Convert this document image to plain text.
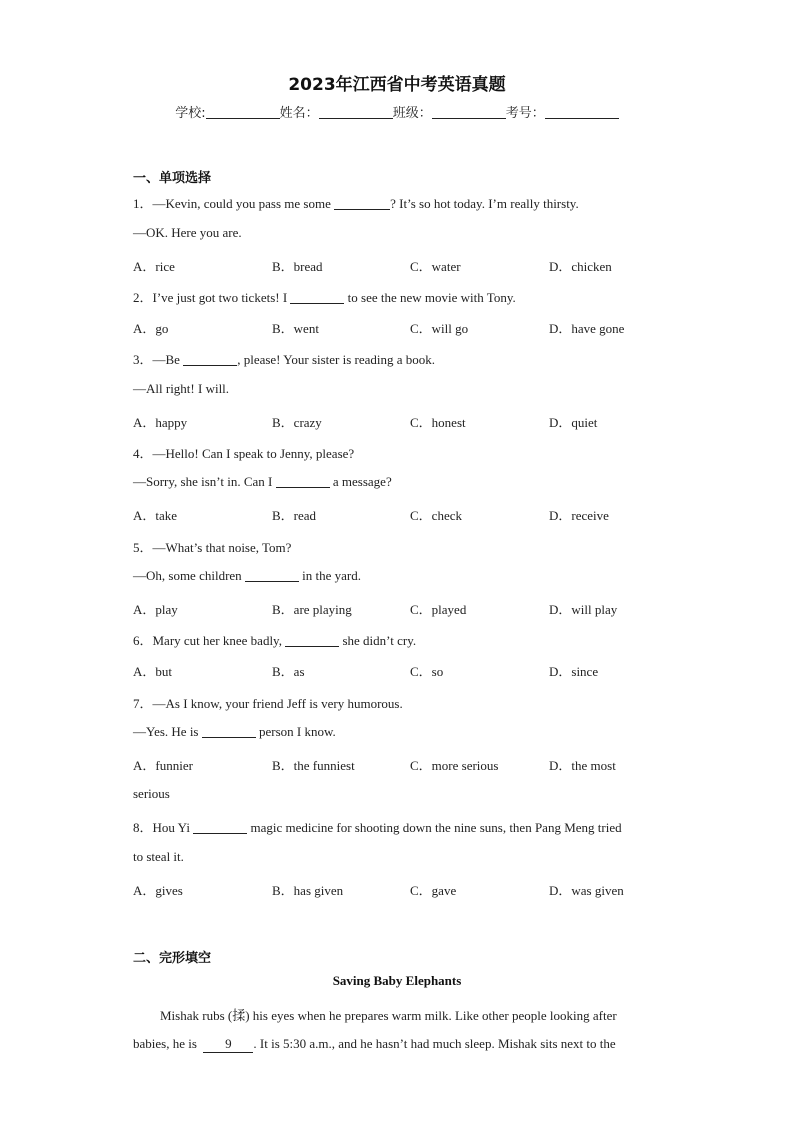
2023年江西省中考英语真题
学校:	姓名：	班级：	考号：
一、单项选择
1．—Kevin, could you pass me some	? It’s so hot today. I’m really thirsty.
—OK. Here you are.
A．rice	B．bread	C．water	D．chicken
2．I’ve just got two tickets! I	to see the new movie with Tony.
A．go	B．went	C．will go	D．have gone
3．—Be	, please! Your sister is reading a book.
—All right! I will.
A．happy	B．crazy	C．honest	D．quiet
4．—Hello! Can I speak to Jenny, please?
—Sorry, she isn’t in. Can I	a message?
A．take	B．read	C．check	D．receive
5．—What’s that noise, Tom?
—Oh, some children	in the yard.
A．play	B．are playing	C．played	D．will play
6．Mary cut her knee badly,	she didn’t cry.
A．but	B．as	C．so	D．since
7．—As I know, your friend Jeff is very humorous.
—Yes. He is	person I know.
A．funnier	B．the funniest	C．more serious	D．the most
serious
8．Hou Yi	magic medicine for shooting down the nine suns, then Pang Meng tried
to steal it.
A．gives	B．has given	C．gave	D．was given
二、完形填空
Saving Baby Elephants
Mishak rubs (揉) his eyes when he prepares warm milk. Like other people looking after
babies, he is 9 . It is 5:30 a.m., and he hasn’t had much sleep. Mishak sits next to the
